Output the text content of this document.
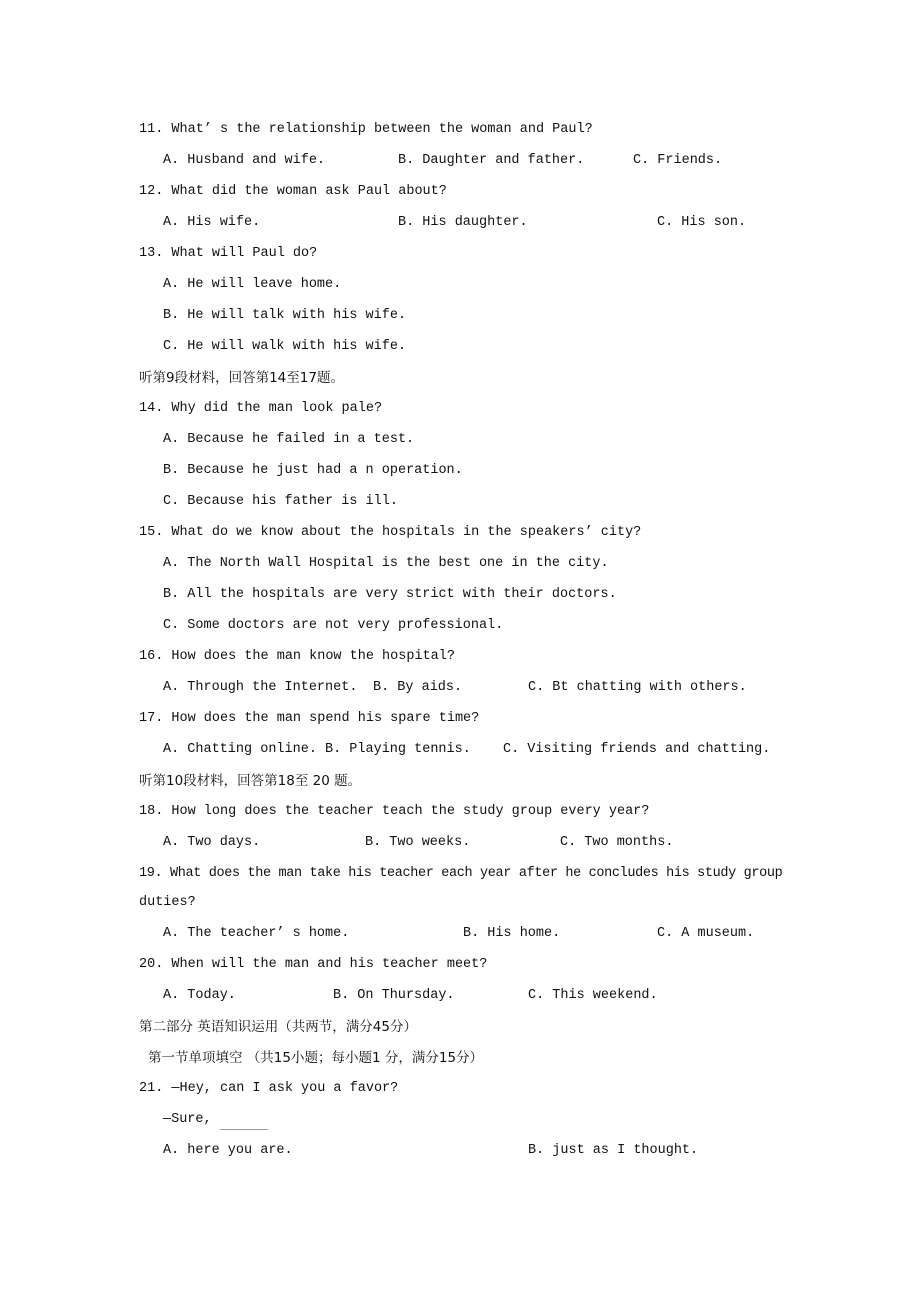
11. What’ s the relationship between the woman and Paul?
A. Husband and wife.	B. Daughter and father.	C. Friends.
12. What did the woman ask Paul about?
A. His wife.	B. His daughter.	C. His son.
13. What will Paul do?
A. He will leave home.
B. He will talk with his wife.
C. He will walk with his wife.
听第9段材料，回答第14至17题。
14. Why did the man look pale?
A. Because he failed in a test.
B. Because he just had a n operation.
C. Because his father is ill.
15. What do we know about the hospitals in the speakers’ city?
A. The North Wall Hospital is the best one in the city.
B. All the hospitals are very strict with their doctors.
C. Some doctors are not very professional.
16. How does the man know the hospital?
A. Through the Internet. B. By aids.	C. Bt chatting with others.
17. How does the man spend his spare time?
A. Chatting online. B. Playing tennis. C. Visiting friends and chatting.
听第10段材料，回答第18至 20 题。
18. How long does the teacher teach the study group every year?
A. Two days.	B. Two weeks.	C. Two months.
19. What does the man take his teacher each year after he concludes his study group
duties?
A. The teacher’ s home.	B. His home.	C. A museum.
20. When will the man and his teacher meet?
A. Today.	B. On Thursday.	C. This weekend.
第二部分 英语知识运用（共两节，满分45分）
第一节单项填空 （共15小题；每小题1 分，满分15分）
21. —Hey, can I ask you a favor?
—Sure,
A. here you are.	B. just as I thought.
